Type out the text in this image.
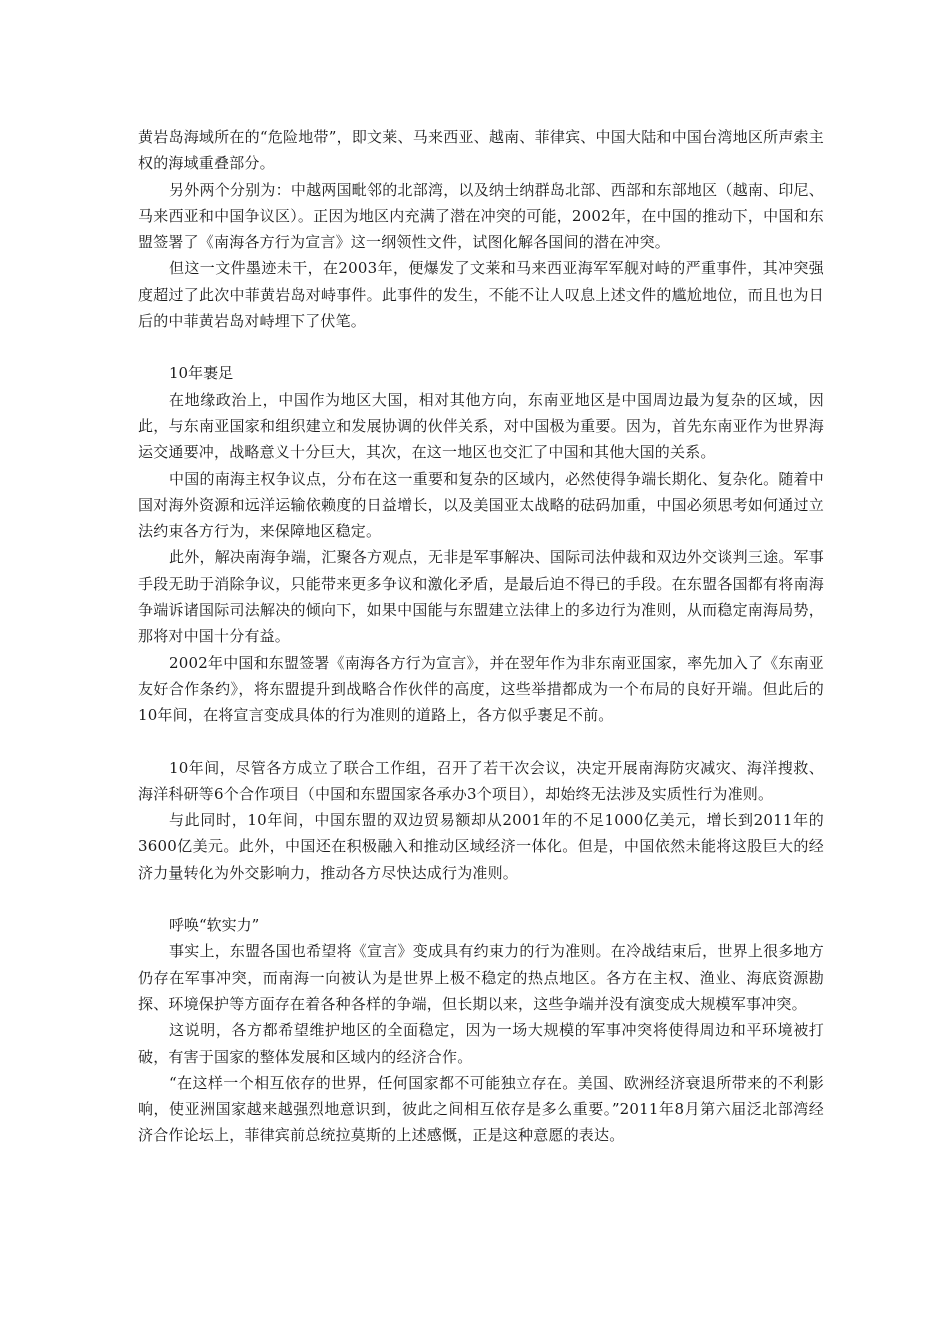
黄岩岛海域所在的“危险地带”，即文莱、马来西亚、越南、菲律宾、中国大陆和中国台湾地区所声索主权的海域重叠部分。

另外两个分别为：中越两国毗邻的北部湾，以及纳士纳群岛北部、西部和东部地区（越南、印尼、马来西亚和中国争议区）。正因为地区内充满了潜在冲突的可能，2002年，在中国的推动下，中国和东盟签署了《南海各方行为宣言》这一纲领性文件，试图化解各国间的潜在冲突。

但这一文件墨迹未干，在2003年，便爆发了文莱和马来西亚海军军舰对峙的严重事件，其冲突强度超过了此次中菲黄岩岛对峙事件。此事件的发生，不能不让人叹息上述文件的尴尬地位，而且也为日后的中菲黄岩岛对峙埋下了伏笔。

10年裹足

在地缘政治上，中国作为地区大国，相对其他方向，东南亚地区是中国周边最为复杂的区域，因此，与东南亚国家和组织建立和发展协调的伙伴关系，对中国极为重要。因为，首先东南亚作为世界海运交通要冲，战略意义十分巨大，其次，在这一地区也交汇了中国和其他大国的关系。

中国的南海主权争议点，分布在这一重要和复杂的区域内，必然使得争端长期化、复杂化。随着中国对海外资源和远洋运输依赖度的日益增长，以及美国亚太战略的砝码加重，中国必须思考如何通过立法约束各方行为，来保障地区稳定。

此外，解决南海争端，汇聚各方观点，无非是军事解决、国际司法仲裁和双边外交谈判三途。军事手段无助于消除争议，只能带来更多争议和激化矛盾，是最后迫不得已的手段。在东盟各国都有将南海争端诉诸国际司法解决的倾向下，如果中国能与东盟建立法律上的多边行为准则，从而稳定南海局势，那将对中国十分有益。

2002年中国和东盟签署《南海各方行为宣言》，并在翌年作为非东南亚国家，率先加入了《东南亚友好合作条约》，将东盟提升到战略合作伙伴的高度，这些举措都成为一个布局的良好开端。但此后的10年间，在将宣言变成具体的行为准则的道路上，各方似乎裹足不前。

10年间，尽管各方成立了联合工作组，召开了若干次会议，决定开展南海防灾减灾、海洋搜救、海洋科研等6个合作项目（中国和东盟国家各承办3个项目），却始终无法涉及实质性行为准则。

与此同时，10年间，中国东盟的双边贸易额却从2001年的不足1000亿美元，增长到2011年的3600亿美元。此外，中国还在积极融入和推动区域经济一体化。但是，中国依然未能将这股巨大的经济力量转化为外交影响力，推动各方尽快达成行为准则。

呼唤“软实力”

事实上，东盟各国也希望将《宣言》变成具有约束力的行为准则。在冷战结束后，世界上很多地方仍存在军事冲突，而南海一向被认为是世界上极不稳定的热点地区。各方在主权、渔业、海底资源勘探、环境保护等方面存在着各种各样的争端，但长期以来，这些争端并没有演变成大规模军事冲突。

这说明，各方都希望维护地区的全面稳定，因为一场大规模的军事冲突将使得周边和平环境被打破，有害于国家的整体发展和区域内的经济合作。

“在这样一个相互依存的世界，任何国家都不可能独立存在。美国、欧洲经济衰退所带来的不利影响，使亚洲国家越来越强烈地意识到，彼此之间相互依存是多么重要。”2011年8月第六届泛北部湾经济合作论坛上，菲律宾前总统拉莫斯的上述感慨，正是这种意愿的表达。
